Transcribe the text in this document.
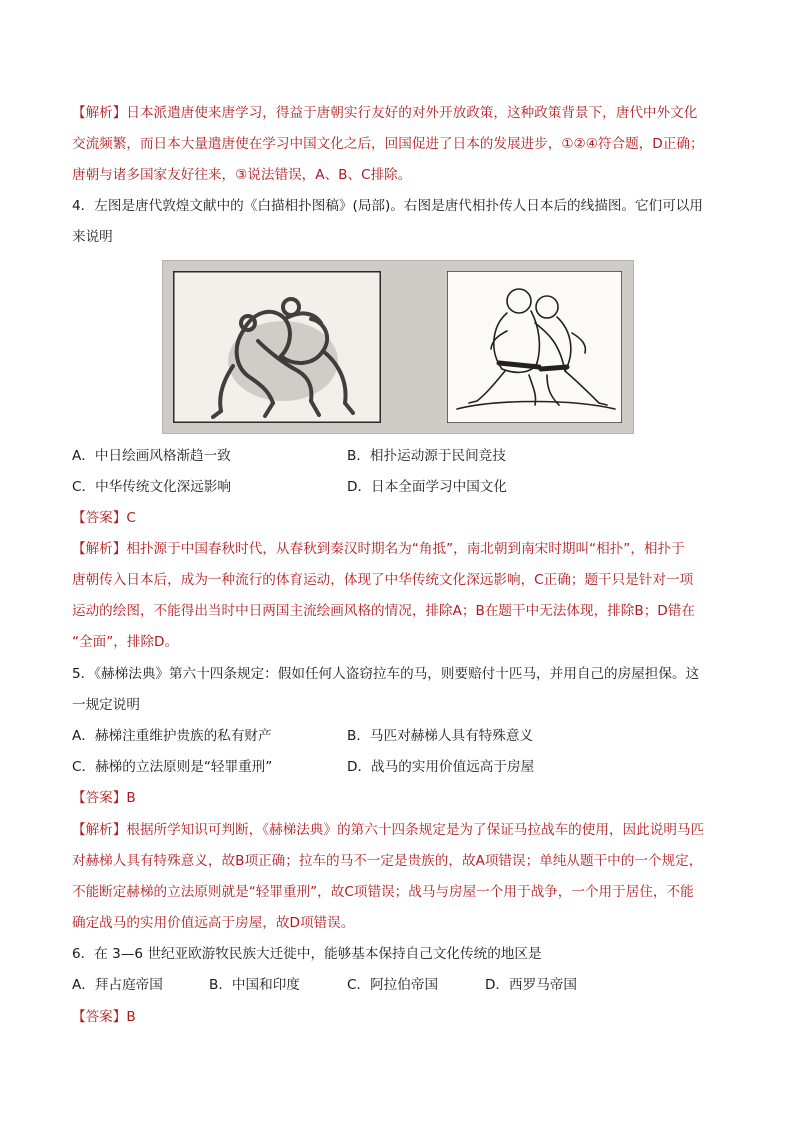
【解析】日本派遣唐使来唐学习，得益于唐朝实行友好的对外开放政策，这种政策背景下，唐代中外文化
交流频繁，而日本大量遣唐使在学习中国文化之后，回国促进了日本的发展进步，①②④符合题，D正确；
唐朝与诸多国家友好往来，③说法错误，A、B、C排除。
4．左图是唐代敦煌文献中的《白描相扑图稿》(局部)。右图是唐代相扑传人日本后的线描图。它们可以用
来说明
A．中日绘画风格渐趋一致	B．相扑运动源于民间竞技
C．中华传统文化深远影响	D．日本全面学习中国文化
【答案】C
【解析】相扑源于中国春秋时代，从春秋到秦汉时期名为“角抵”，南北朝到南宋时期叫“相扑”，相扑于
唐朝传入日本后，成为一种流行的体育运动，体现了中华传统文化深远影响，C正确；题干只是针对一项
运动的绘图，不能得出当时中日两国主流绘画风格的情况，排除A；B在题干中无法体现，排除B；D错在
“全面”，排除D。
5．《赫梯法典》第六十四条规定：假如任何人盗窃拉车的马，则要赔付十匹马，并用自己的房屋担保。这
一规定说明
A．赫梯注重维护贵族的私有财产	B．马匹对赫梯人具有特殊意义
C．赫梯的立法原则是“轻罪重刑”	D．战马的实用价值远高于房屋
【答案】B
【解析】根据所学知识可判断，《赫梯法典》的第六十四条规定是为了保证马拉战车的使用，因此说明马匹
对赫梯人具有特殊意义，故B项正确；拉车的马不一定是贵族的，故A项错误；单纯从题干中的一个规定，
不能断定赫梯的立法原则就是“轻罪重刑”，故C项错误；战马与房屋一个用于战争，一个用于居住，不能
确定战马的实用价值远高于房屋，故D项错误。
6．在 3—6 世纪亚欧游牧民族大迁徙中，能够基本保持自己文化传统的地区是
A．拜占庭帝国	B．中国和印度	C．阿拉伯帝国	D．西罗马帝国
【答案】B
